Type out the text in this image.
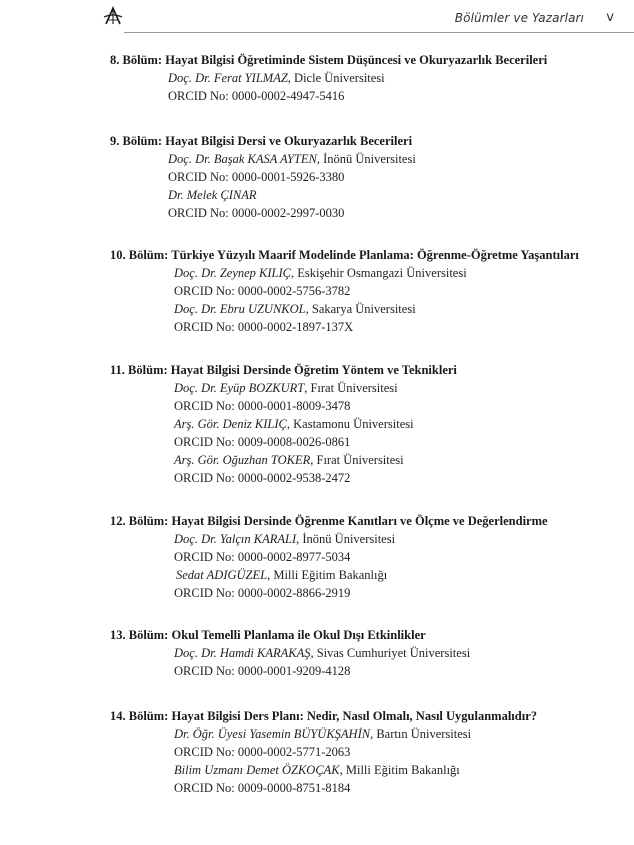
Bölümler ve Yazarları v
8. Bölüm: Hayat Bilgisi Öğretiminde Sistem Düşüncesi ve Okuryazarlık Becerileri
Doç. Dr. Ferat YILMAZ, Dicle Üniversitesi
ORCID No: 0000-0002-4947-5416
9. Bölüm: Hayat Bilgisi Dersi ve Okuryazarlık Becerileri
Doç. Dr. Başak KASA AYTEN, İnönü Üniversitesi
ORCID No: 0000-0001-5926-3380
Dr. Melek ÇINAR
ORCID No: 0000-0002-2997-0030
10. Bölüm: Türkiye Yüzyılı Maarif Modelinde Planlama: Öğrenme-Öğretme Yaşantıları
Doç. Dr. Zeynep KILIÇ, Eskişehir Osmangazi Üniversitesi
ORCID No: 0000-0002-5756-3782
Doç. Dr. Ebru UZUNKOL, Sakarya Üniversitesi
ORCID No: 0000-0002-1897-137X
11. Bölüm: Hayat Bilgisi Dersinde Öğretim Yöntem ve Teknikleri
Doç. Dr. Eyüp BOZKURT, Fırat Üniversitesi
ORCID No: 0000-0001-8009-3478
Arş. Gör. Deniz KILIÇ, Kastamonu Üniversitesi
ORCID No: 0009-0008-0026-0861
Arş. Gör. Oğuzhan TOKER, Fırat Üniversitesi
ORCID No: 0000-0002-9538-2472
12. Bölüm: Hayat Bilgisi Dersinde Öğrenme Kanıtları ve Ölçme ve Değerlendirme
Doç. Dr. Yalçın KARALI, İnönü Üniversitesi
ORCID No: 0000-0002-8977-5034
Sedat ADIGÜZEL, Milli Eğitim Bakanlığı
ORCID No: 0000-0002-8866-2919
13. Bölüm: Okul Temelli Planlama ile Okul Dışı Etkinlikler
Doç. Dr. Hamdi KARAKAŞ, Sivas Cumhuriyet Üniversitesi
ORCID No: 0000-0001-9209-4128
14. Bölüm: Hayat Bilgisi Ders Planı: Nedir, Nasıl Olmalı, Nasıl Uygulanmalıdır?
Dr. Öğr. Üyesi Yasemin BÜYÜKŞAHİN, Bartın Üniversitesi
ORCID No: 0000-0002-5771-2063
Bilim Uzmanı Demet ÖZKOÇAK, Milli Eğitim Bakanlığı
ORCID No: 0009-0000-8751-8184
